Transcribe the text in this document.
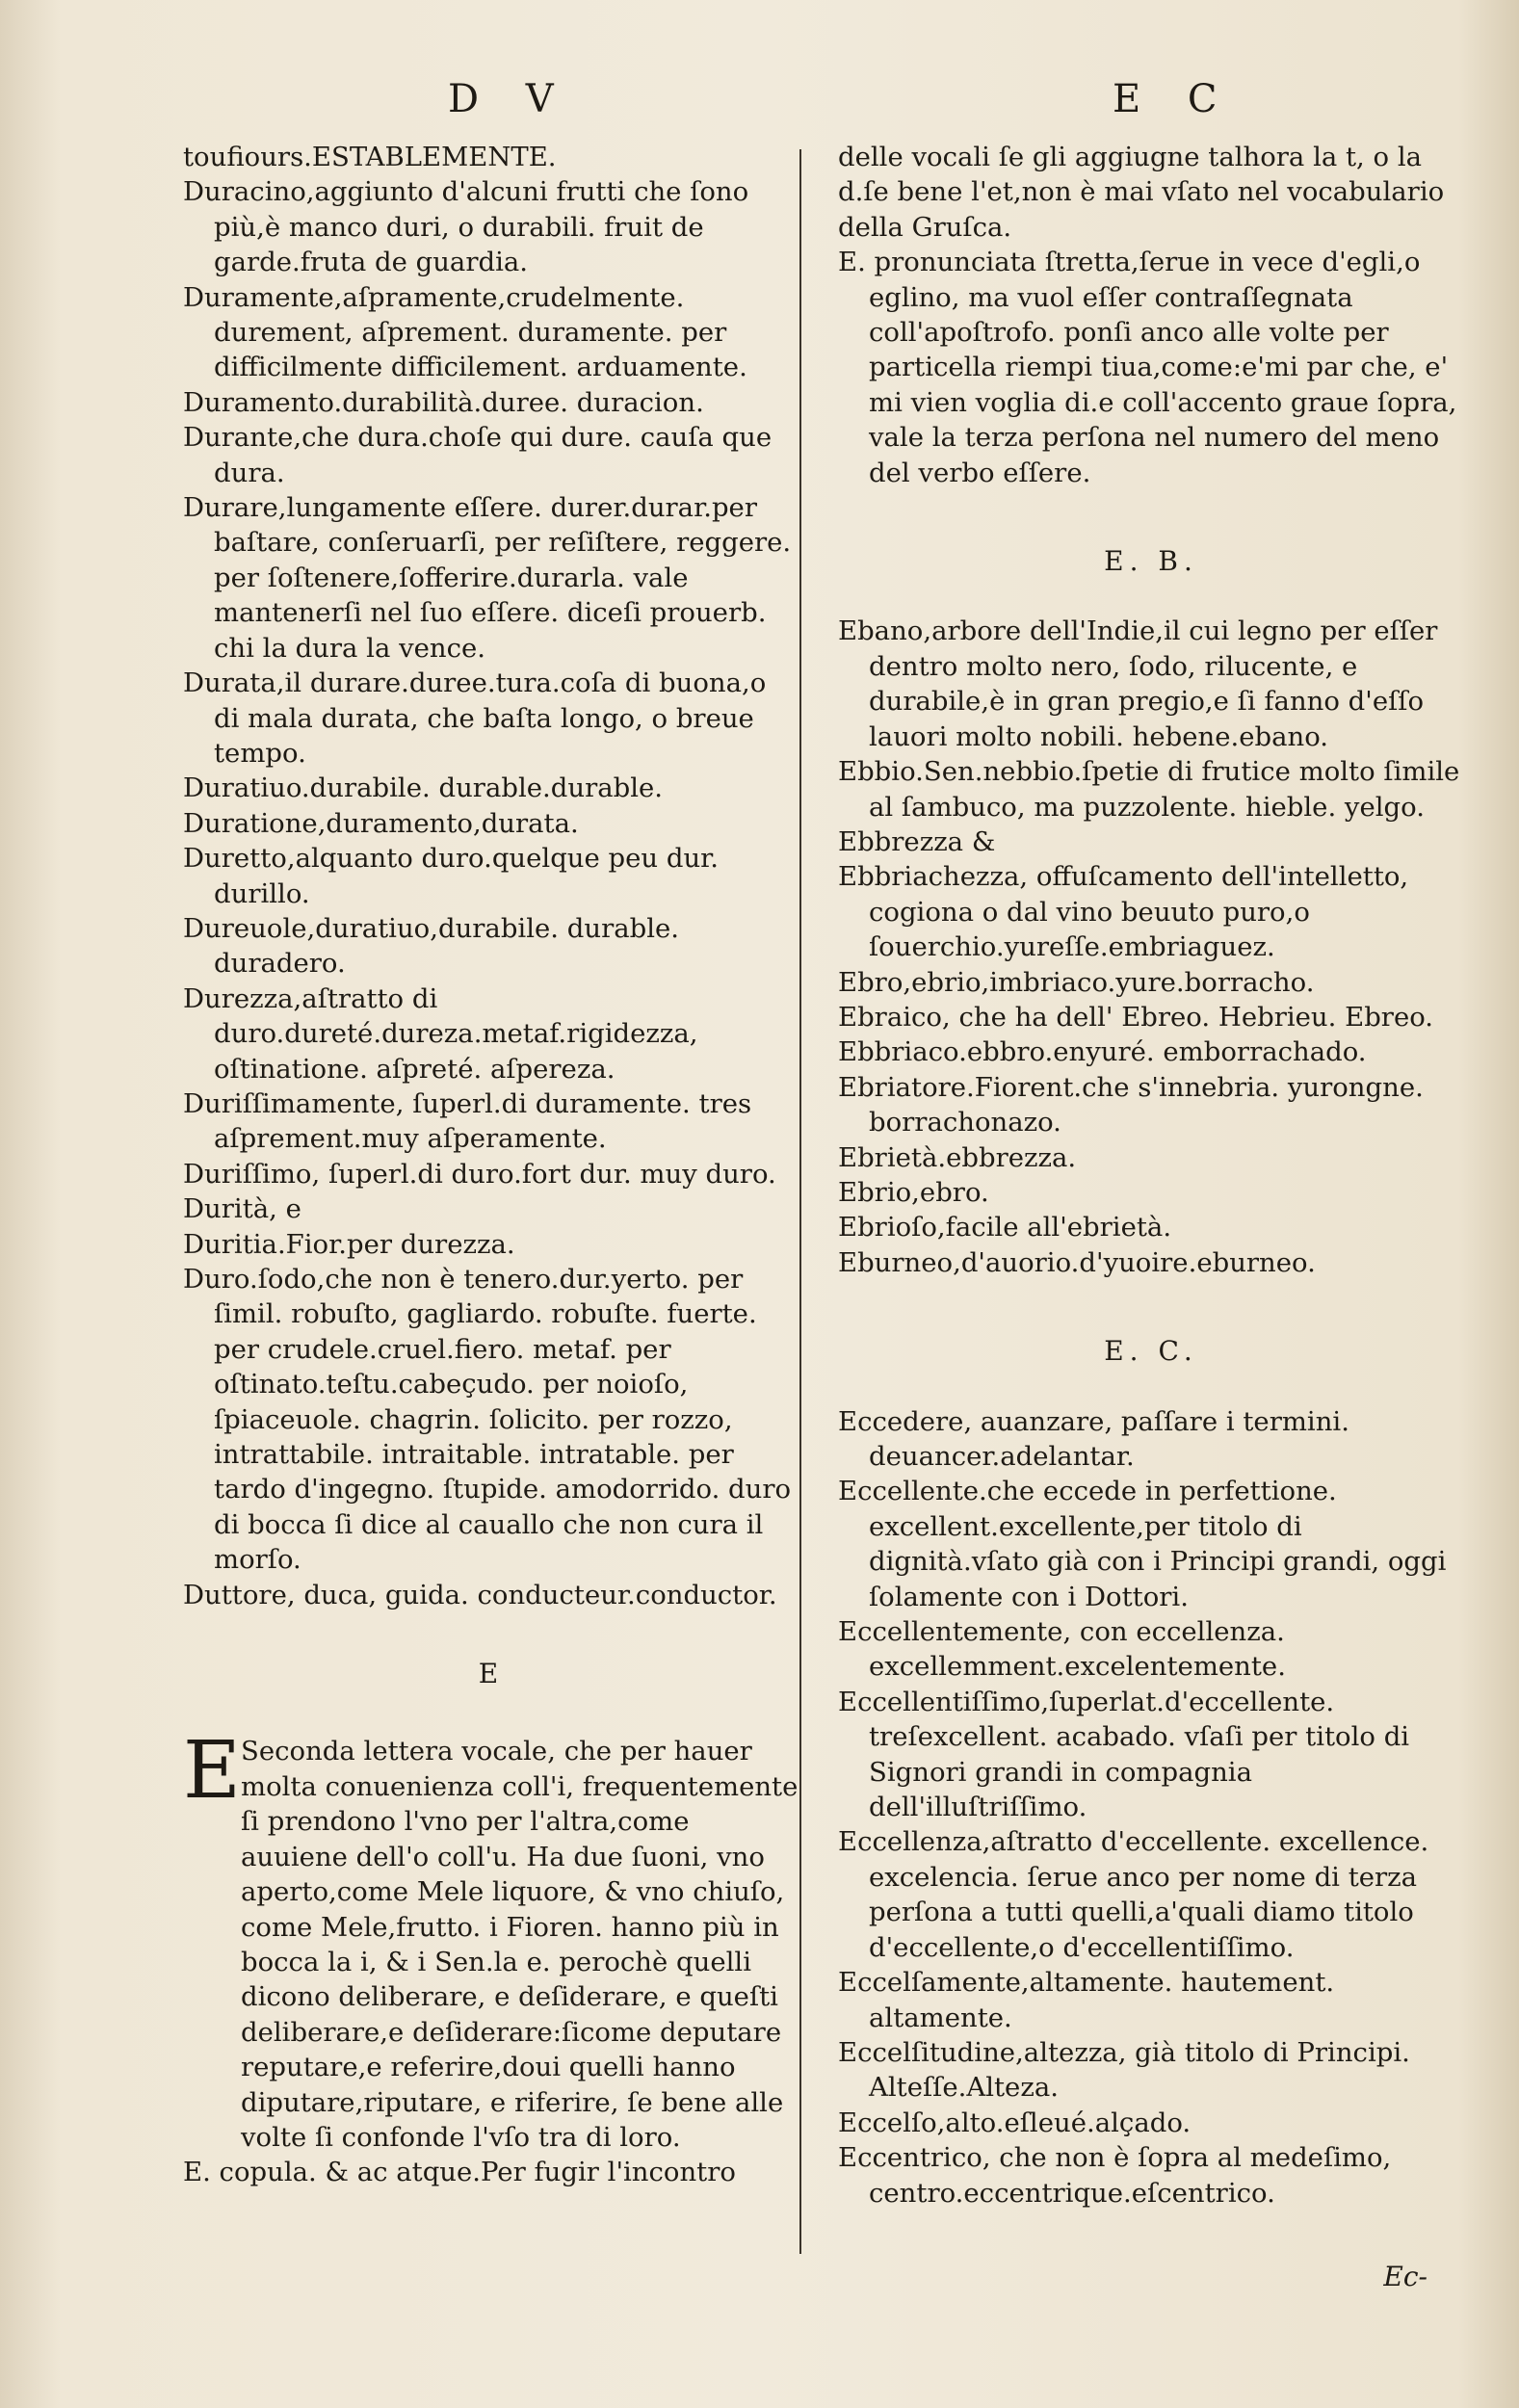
D V	E C

toufiours.ESTABLEMENTE.

Duracino,aggiunto d'alcuni frutti che ſono più,è manco duri, o durabili. fruit de garde.fruta de guardia.

Duramente,aſpramente,crudelmente. durement, aſprement. duramente. per difficilmente difficilement. arduamente.

Duramento.durabilità.duree. duracion.

Durante,che dura.choſe qui dure. cauſa que dura.

Durare,lungamente eſſere. durer.durar.per baſtare, conſeruarſi, per reſiſtere, reggere. per ſoſtenere,ſofferire.durarla. vale mantenerſi nel ſuo eſſere. diceſi prouerb. chi la dura la vence.

Durata,il durare.duree.tura.coſa di buona,o di mala durata, che baſta longo, o breue tempo.

Duratiuo.durabile. durable.durable.

Duratione,duramento,durata.

Duretto,alquanto duro.quelque peu dur. durillo.

Dureuole,duratiuo,durabile. durable. duradero.

Durezza,aſtratto di duro.dureté.dureza.metaf.rigidezza, oſtinatione. aſpreté. aſpereza.

Duriſſimamente, ſuperl.di duramente. tres aſprement.muy aſperamente.

Duriſſimo, ſuperl.di duro.fort dur. muy duro.

Durità, e

Duritia.Fior.per durezza.

Duro.ſodo,che non è tenero.dur.yerto. per ſimil. robuſto, gagliardo. robuſte. fuerte. per crudele.cruel.fiero. metaf. per oſtinato.teſtu.cabeçudo. per noioſo, ſpiaceuole. chagrin. ſolicito. per rozzo, intrattabile. intraitable. intratable. per tardo d'ingegno. ſtupide. amodorrido. duro di bocca ſi dice al cauallo che non cura il morſo.

Duttore, duca, guida. conducteur.conductor.

E
E Seconda lettera vocale, che per hauer molta conuenienza coll'i, frequentemente ſi prendono l'vno per l'altra,come auuiene dell'o coll'u. Ha due ſuoni, vno aperto,come Mele liquore, & vno chiuſo, come Mele,frutto. i Fioren. hanno più in bocca la i, & i Sen.la e. perochè quelli dicono deliberare, e deſiderare, e queſti deliberare,e deſiderare:ſicome deputare reputare,e referire,doui quelli hanno diputare,riputare, e riferire, ſe bene alle volte ſi confonde l'vſo tra di loro.

E. copula. & ac atque.Per fugir l'incontro

delle vocali ſe gli aggiugne talhora la t, o la d.ſe bene l'et,non è mai vſato nel vocabulario della Gruſca.

E. pronunciata ſtretta,ſerue in vece d'egli,o eglino, ma vuol eſſer contraſſegnata coll'apoſtrofo. ponſi anco alle volte per particella riempi tiua,come:e'mi par che, e' mi vien voglia di.e coll'accento graue ſopra, vale la terza perſona nel numero del meno del verbo eſſere.

E. B.

Ebano,arbore dell'Indie,il cui legno per eſſer dentro molto nero, ſodo, rilucente, e durabile,è in gran pregio,e ſi fanno d'eſſo lauori molto nobili. hebene.ebano.

Ebbio.Sen.nebbio.ſpetie di frutice molto ſimile al ſambuco, ma puzzolente. hieble. yelgo.

Ebbrezza &

Ebbriachezza, offuſcamento dell'intelletto, cogiona o dal vino beuuto puro,o ſouerchio.yureſſe.embriaguez.

Ebro,ebrio,imbriaco.yure.borracho.

Ebraico, che ha dell' Ebreo. Hebrieu. Ebreo.

Ebbriaco.ebbro.enyuré. emborrachado.

Ebriatore.Fiorent.che s'innebria. yurongne. borrachonazo.

Ebrietà.ebbrezza.

Ebrio,ebro.

Ebrioſo,facile all'ebrietà.

Eburneo,d'auorio.d'yuoire.eburneo.

E. C.

Eccedere, auanzare, paſſare i termini. deuancer.adelantar.

Eccellente.che eccede in perfettione. excellent.excellente,per titolo di dignità.vſato già con i Principi grandi, oggi ſolamente con i Dottori.

Eccellentemente, con eccellenza. excellemment.excelentemente.

Eccellentiſſimo,ſuperlat.d'eccellente. treſexcellent. acabado. vſaſi per titolo di Signori grandi in compagnia dell'illuſtriſſimo.

Eccellenza,aſtratto d'eccellente. excellence. excelencia. ſerue anco per nome di terza perſona a tutti quelli,a'quali diamo titolo d'eccellente,o d'eccellentiſſimo.

Eccelſamente,altamente. hautement. altamente.

Eccelſitudine,altezza, già titolo di Principi. Alteſſe.Alteza.

Eccelſo,alto.eſleué.alçado.

Eccentrico, che non è ſopra al medeſimo, centro.eccentrique.eſcentrico.

Ec-
